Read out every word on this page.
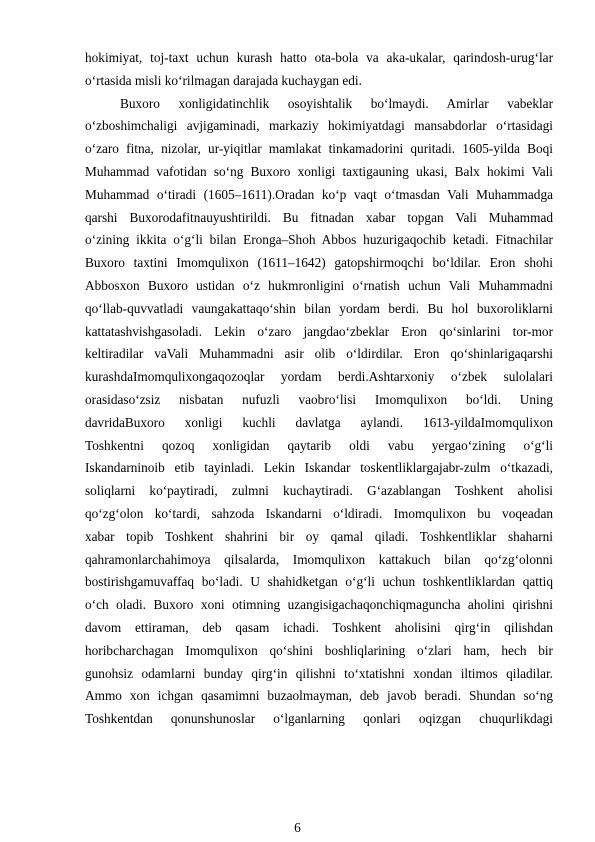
hokimiyat, toj-taxt uchun kurash hatto ota-bola va aka-ukalar, qarindosh-urug‘lar
o‘rtasida misli ko‘rilmagan darajada kuchaygan edi.
Buxoro xonligidatinchlik osoyishtalik bo‘lmaydi. Amirlar vabeklar
o‘zboshimchaligi avjigaminadi, markaziy hokimiyatdagi mansabdorlar o‘rtasidagi
o‘zaro fitna, nizolar, ur-yiqitlar mamlakat tinkamadorini quritadi. 1605-yilda Boqi
Muhammad vafotidan so‘ng Buxoro xonligi taxtigauning ukasi, Balx hokimi Vali
Muhammad o‘tiradi (1605–1611).Oradan ko‘p vaqt o‘tmasdan Vali Muhammadga
qarshi Buxorodafitnauyushtirildi. Bu fitnadan xabar topgan Vali Muhammad
o‘zining ikkita o‘g‘li bilan Eronga–Shoh Abbos huzurigaqochib ketadi. Fitnachilar
Buxoro taxtini Imomqulixon (1611–1642) gatopshirmoqchi bo‘ldilar. Eron shohi
Abbosxon Buxoro ustidan o‘z hukmronligini o‘rnatish uchun Vali Muhammadni
qo‘llab-quvvatladi vaungakattaqo‘shin bilan yordam berdi. Bu hol buxoroliklarni
kattatashvishgasoladi. Lekin o‘zaro jangdao‘zbeklar Eron qo‘sinlarini tor-mor
keltiradilar vaVali Muhammadni asir olib o‘ldirdilar. Eron qo‘shinlarigaqarshi
kurashdaImomqulixongaqozoqlar yordam berdi.Ashtarxoniy o‘zbek sulolalari
orasidaso‘zsiz nisbatan nufuzli vaobro‘lisi Imomqulixon bo‘ldi. Uning
davridaBuxoro xonligi kuchli davlatga aylandi. 1613-yildaImomqulixon
Toshkentni qozoq xonligidan qaytarib oldi vabu yergao‘zining o‘g‘li
Iskandarninoib etib tayinladi. Lekin Iskandar toskentliklargajabr-zulm o‘tkazadi,
soliqlarni ko‘paytiradi, zulmni kuchaytiradi. G‘azablangan Toshkent aholisi
qo‘zg‘olon ko‘tardi, sahzoda Iskandarni o‘ldiradi. Imomqulixon bu voqeadan
xabar topib Toshkent shahrini bir oy qamal qiladi. Toshkentliklar shaharni
qahramonlarchahimoya qilsalarda, Imomqulixon kattakuch bilan qo‘zg‘olonni
bostirishgamuvaffaq bo‘ladi. U shahidketgan o‘g‘li uchun toshkentliklardan qattiq
o‘ch oladi. Buxoro xoni otimning uzangisigachaqonchiqmaguncha aholini qirishni
davom ettiraman, deb qasam ichadi. Toshkent aholisini qirg‘in qilishdan
horibcharchagan Imomqulixon qo‘shini boshliqlarining o‘zlari ham, hech bir
gunohsiz odamlarni bunday qirg‘in qilishni to‘xtatishni xondan iltimos qiladilar.
Ammo xon ichgan qasamimni buzaolmayman, deb javob beradi. Shundan so‘ng
Toshkentdan qonunshunoslar o‘lganlarning qonlari oqizgan chuqurlikdagi
6
